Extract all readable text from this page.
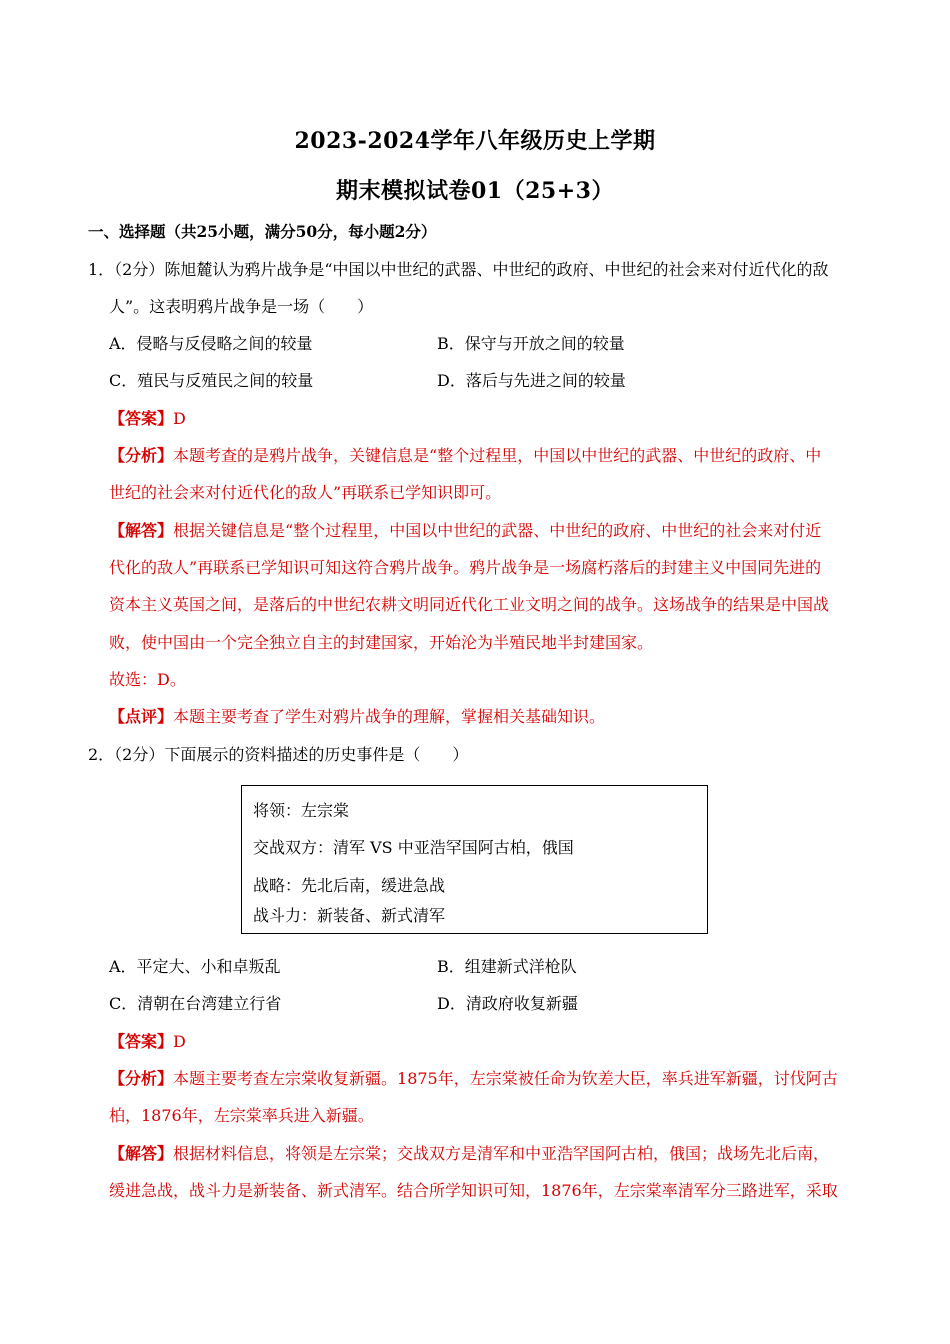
2023-2024学年八年级历史上学期
期末模拟试卷01（25+3）
一、选择题（共25小题，满分50分，每小题2分）
1．（2分）陈旭麓认为鸦片战争是“中国以中世纪的武器、中世纪的政府、中世纪的社会来对付近代化的敌
人”。这表明鸦片战争是一场（　　）
A．侵略与反侵略之间的较量	B．保守与开放之间的较量
C．殖民与反殖民之间的较量	D．落后与先进之间的较量
【答案】D
【分析】本题考查的是鸦片战争，关键信息是“整个过程里，中国以中世纪的武器、中世纪的政府、中
世纪的社会来对付近代化的敌人”再联系已学知识即可。
【解答】根据关键信息是“整个过程里，中国以中世纪的武器、中世纪的政府、中世纪的社会来对付近
代化的敌人”再联系已学知识可知这符合鸦片战争。鸦片战争是一场腐朽落后的封建主义中国同先进的
资本主义英国之间，是落后的中世纪农耕文明同近代化工业文明之间的战争。这场战争的结果是中国战
败，使中国由一个完全独立自主的封建国家，开始沦为半殖民地半封建国家。
故选：D。
【点评】本题主要考查了学生对鸦片战争的理解，掌握相关基础知识。
2．（2分）下面展示的资料描述的历史事件是（　　）
将领：左宗棠
交战双方：清军 VS 中亚浩罕国阿古柏，俄国
战略：先北后南，缓进急战
战斗力：新装备、新式清军
A．平定大、小和卓叛乱	B．组建新式洋枪队
C．清朝在台湾建立行省	D．清政府收复新疆
【答案】D
【分析】本题主要考查左宗棠收复新疆。1875年，左宗棠被任命为钦差大臣，率兵进军新疆，讨伐阿古
柏，1876年，左宗棠率兵进入新疆。
【解答】根据材料信息，将领是左宗棠；交战双方是清军和中亚浩罕国阿古柏，俄国；战场先北后南，
缓进急战，战斗力是新装备、新式清军。结合所学知识可知，1876年，左宗棠率清军分三路进军，采取
